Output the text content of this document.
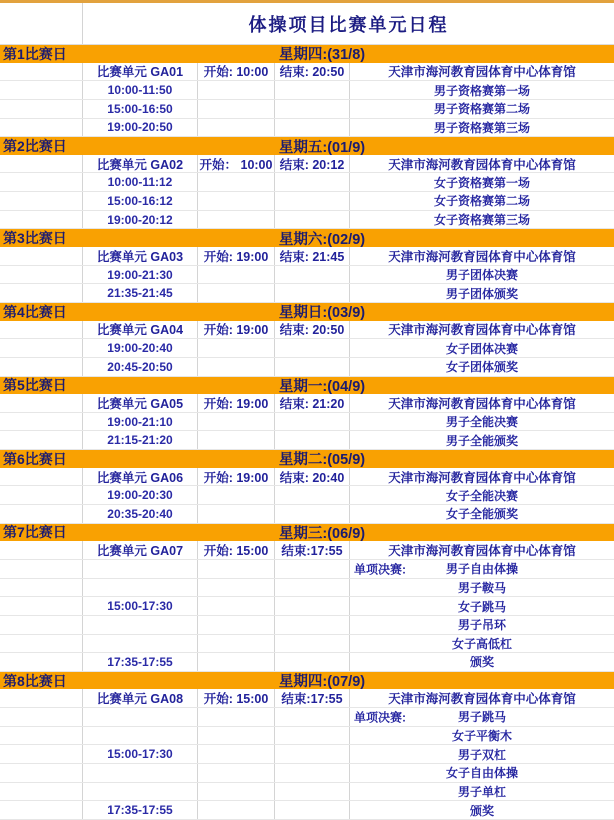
体操项目比赛单元日程
第1比赛日	星期四:(31/8)
比赛单元 GA01	开始: 10:00 结束: 20:50	天津市海河教育园体育中心体育馆
10:00-11:50	男子资格赛第一场
15:00-16:50	男子资格赛第二场
19:00-20:50	男子资格赛第三场
第2比赛日	星期五:(01/9)
比赛单元 GA02	开始： 10:00 结束: 20:12	天津市海河教育园体育中心体育馆
10:00-11:12	女子资格赛第一场
15:00-16:12	女子资格赛第二场
19:00-20:12	女子资格赛第三场
第3比赛日	星期六:(02/9)
比赛单元 GA03	开始: 19:00 结束: 21:45	天津市海河教育园体育中心体育馆
19:00-21:30	男子团体决赛
21:35-21:45	男子团体颁奖
第4比赛日	星期日:(03/9)
比赛单元 GA04	开始: 19:00 结束: 20:50	天津市海河教育园体育中心体育馆
19:00-20:40	女子团体决赛
20:45-20:50	女子团体颁奖
第5比赛日	星期一:(04/9)
比赛单元 GA05	开始: 19:00 结束: 21:20	天津市海河教育园体育中心体育馆
19:00-21:10	男子全能决赛
21:15-21:20	男子全能颁奖
第6比赛日	星期二:(05/9)
比赛单元 GA06	开始: 19:00 结束: 20:40	天津市海河教育园体育中心体育馆
19:00-20:30	女子全能决赛
20:35-20:40	女子全能颁奖
第7比赛日	星期三:(06/9)
比赛单元 GA07	开始: 15:00	结束:17:55	天津市海河教育园体育中心体育馆
单项决赛:	男子自由体操
男子鞍马
15:00-17:30	女子跳马
男子吊环
女子高低杠
17:35-17:55	颁奖
第8比赛日	星期四:(07/9)
比赛单元 GA08	开始: 15:00	结束:17:55	天津市海河教育园体育中心体育馆
单项决赛:	男子跳马
女子平衡木
15:00-17:30	男子双杠
女子自由体操
男子单杠
17:35-17:55	颁奖
